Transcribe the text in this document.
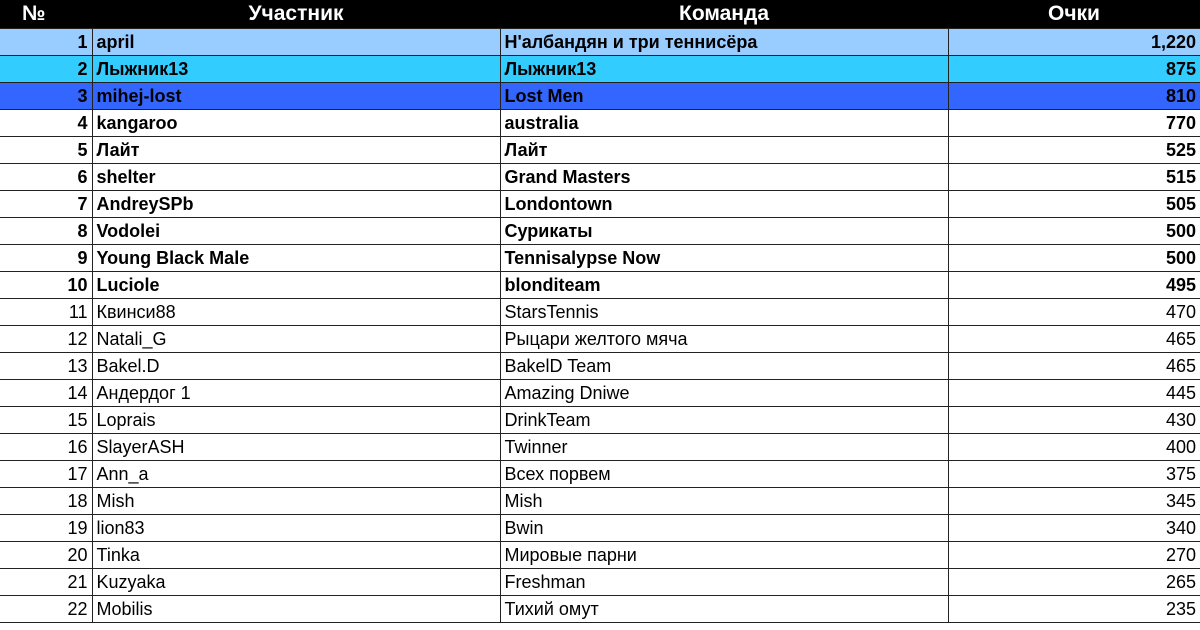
№	Участник	Команда	Очки
1	april	Н'албандян и три теннисёра	1,220
2	Лыжник13	Лыжник13	875
3	mihej-lost	Lost Men	810
4	kangaroo	australia	770
5	Лайт	Лайт	525
6	shelter	Grand Masters	515
7	AndreySPb	Londontown	505
8	Vodolei	Сурикаты	500
9	Young Black Male	Tennisalypse Now	500
10	Luciole	blonditeam	495
11	Квинси88	StarsTennis	470
12	Natali_G	Рыцари желтого мяча	465
13	Bakel.D	BakelD Team	465
14	Андердог 1	Amazing Dniwe	445
15	Loprais	DrinkTeam	430
16	SlayerASH	Twinner	400
17	Ann_a	Всех порвем	375
18	Mish	Mish	345
19	lion83	Bwin	340
20	Tinka	Мировые парни	270
21	Kuzyaka	Freshman	265
22	Mobilis	Тихий омут	235
